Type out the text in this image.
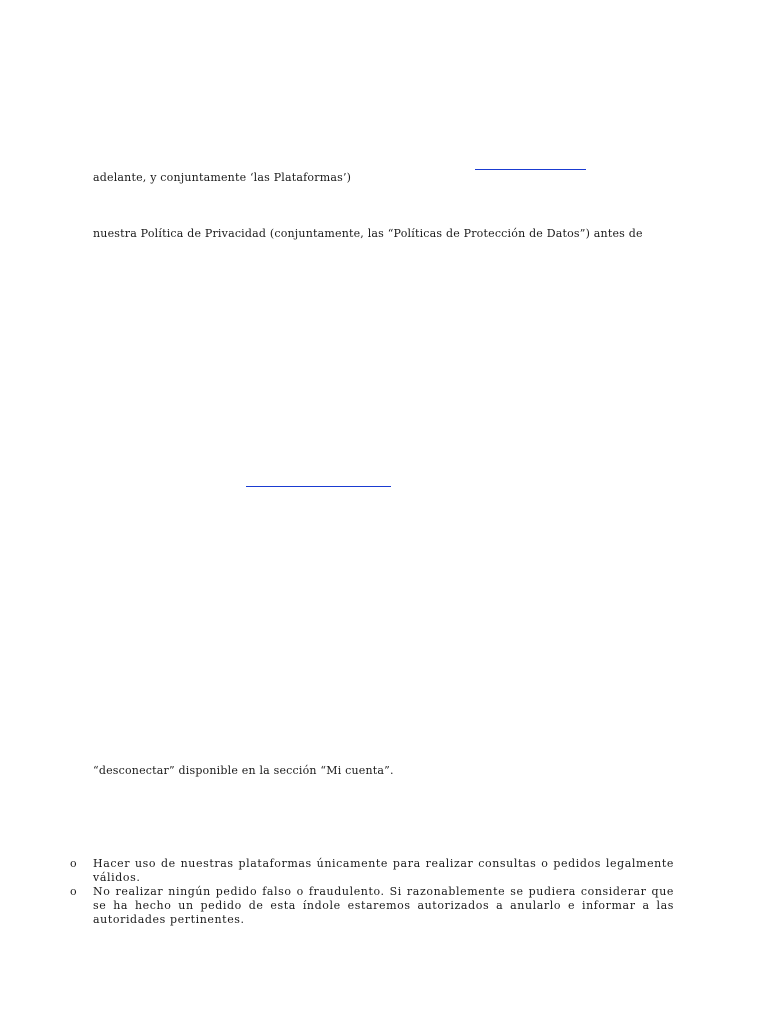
adelante, y conjuntamente ‘las Plataformas’)
nuestra Política de Privacidad (conjuntamente, las “Políticas de Protección de Datos”) antes de
“desconectar” disponible en la sección “Mi cuenta”.
o Hacer uso de nuestras plataformas únicamente para realizar consultas o pedidos legalmente válidos.
o No realizar ningún pedido falso o fraudulento. Si razonablemente se pudiera considerar que se ha hecho un pedido de esta índole estaremos autorizados a anularlo e informar a las autoridades pertinentes.
